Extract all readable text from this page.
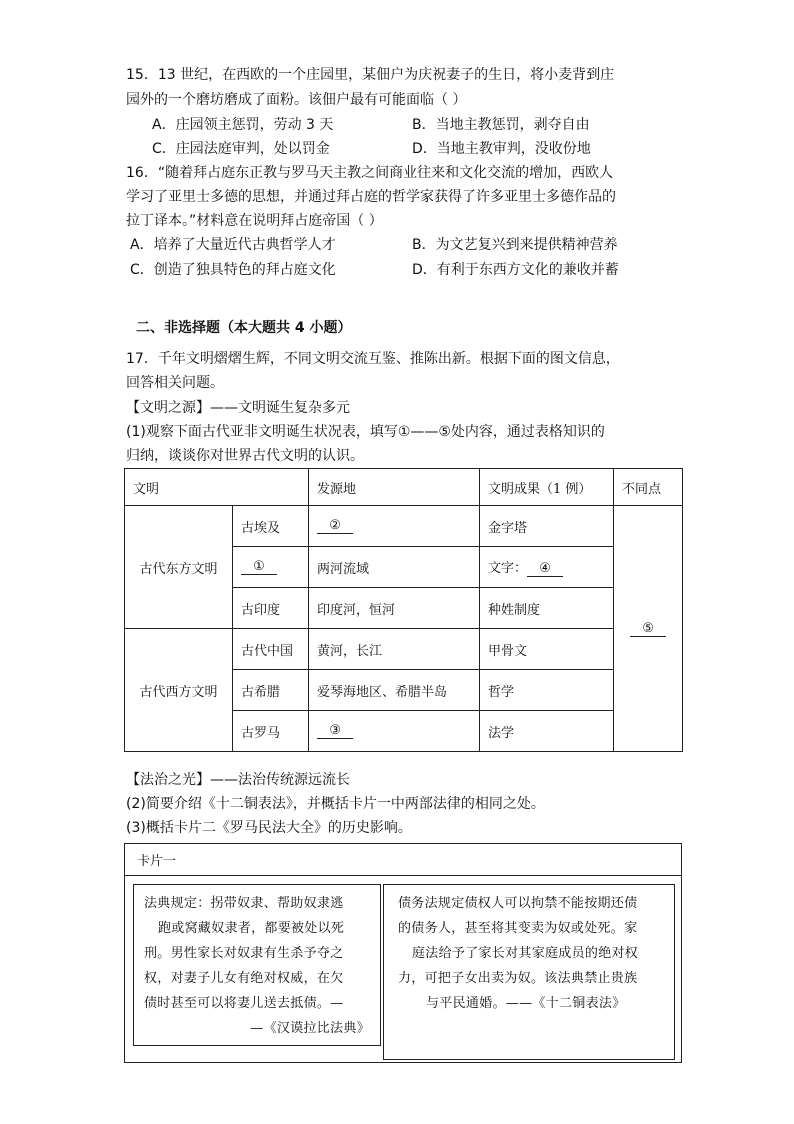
15．13 世纪，在西欧的一个庄园里，某佃户为庆祝妻子的生日，将小麦背到庄
园外的一个磨坊磨成了面粉。该佃户最有可能面临（ ）
A．庄园领主惩罚，劳动 3 天	B．当地主教惩罚，剥夺自由
C．庄园法庭审判，处以罚金	D．当地主教审判，没收份地
16．“随着拜占庭东正教与罗马天主教之间商业往来和文化交流的增加，西欧人
学习了亚里士多德的思想，并通过拜占庭的哲学家获得了许多亚里士多德作品的
拉丁译本。”材料意在说明拜占庭帝国（ ）
A．培养了大量近代古典哲学人才	B．为文艺复兴到来提供精神营养
C．创造了独具特色的拜占庭文化	D．有利于东西方文化的兼收并蓄
二、非选择题（本大题共 4 小题）
17．千年文明熠熠生辉，不同文明交流互鉴、推陈出新。根据下面的图文信息，
回答相关问题。
【文明之源】——文明诞生复杂多元
(1)观察下面古代亚非文明诞生状况表，填写①——⑤处内容，通过表格知识的
归纳，谈谈你对世界古代文明的认识。
文明		发源地	文明成果（1 例）	不同点
古代东方文明	古埃及	②	金字塔	⑤
	①	两河流域	文字： ④	
	古印度	印度河，恒河	种姓制度	
古代西方文明	古代中国	黄河，长江	甲骨文	
	古希腊	爱琴海地区、希腊半岛	哲学	
	古罗马	③	法学	
【法治之光】——法治传统源远流长
(2)简要介绍《十二铜表法》，并概括卡片一中两部法律的相同之处。
(3)概括卡片二《罗马民法大全》的历史影响。
卡片一
法典规定：拐带奴隶、帮助奴隶逃
跑或窝藏奴隶者，都要被处以死
刑。男性家长对奴隶有生杀予夺之
权，对妻子儿女有绝对权威，在欠
债时甚至可以将妻儿送去抵债。—
—《汉谟拉比法典》
债务法规定债权人可以拘禁不能按期还债
的债务人，甚至将其变卖为奴或处死。家
庭法给予了家长对其家庭成员的绝对权
力，可把子女出卖为奴。该法典禁止贵族
与平民通婚。——《十二铜表法》
